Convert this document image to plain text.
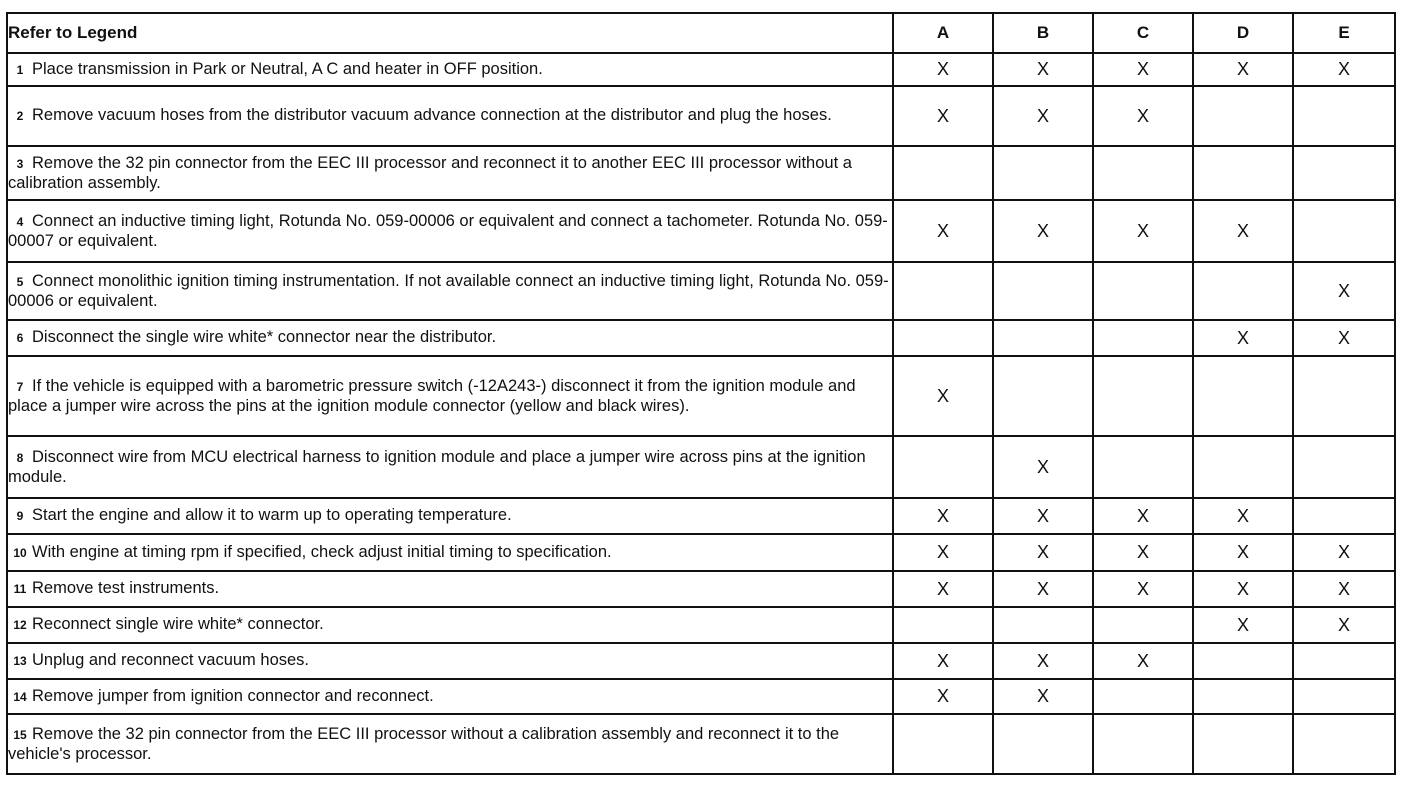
Refer to Legend	A	B	C	D	E
1 Place transmission in Park or Neutral, A C and heater in OFF position.	X	X	X	X	X
2 Remove vacuum hoses from the distributor vacuum advance connection at the distributor and plug the hoses.	X	X	X		
3 Remove the 32 pin connector from the EEC III processor and reconnect it to another EEC III processor without a calibration assembly.					
4 Connect an inductive timing light, Rotunda No. 059-00006 or equivalent and connect a tachometer. Rotunda No. 059-00007 or equivalent.	X	X	X	X	
5 Connect monolithic ignition timing instrumentation. If not available connect an inductive timing light, Rotunda No. 059-00006 or equivalent.					X
6 Disconnect the single wire white* connector near the distributor.				X	X
7 If the vehicle is equipped with a barometric pressure switch (-12A243-) disconnect it from the ignition module and place a jumper wire across the pins at the ignition module connector (yellow and black wires).	X				
8 Disconnect wire from MCU electrical harness to ignition module and place a jumper wire across pins at the ignition module.		X			
9 Start the engine and allow it to warm up to operating temperature.	X	X	X	X	
10 With engine at timing rpm if specified, check adjust initial timing to specification.	X	X	X	X	X
11 Remove test instruments.	X	X	X	X	X
12 Reconnect single wire white* connector.				X	X
13 Unplug and reconnect vacuum hoses.	X	X	X		
14 Remove jumper from ignition connector and reconnect.	X	X			
15 Remove the 32 pin connector from the EEC III processor without a calibration assembly and reconnect it to the vehicle's processor.					
